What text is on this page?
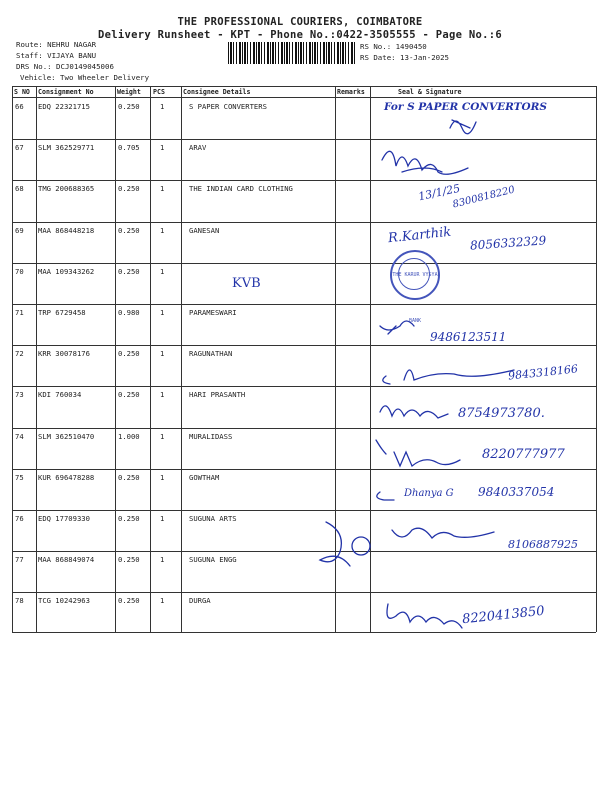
THE PROFESSIONAL COURIERS, COIMBATORE
Delivery Runsheet - KPT - Phone No.:0422-3505555 - Page No.:6
Route: NEHRU NAGAR
Staff: VIJAYA BANU
DRS No.: DCJ0149045006
Vehicle: Two Wheeler Delivery
RS No.: 1490450
RS Date: 13-Jan-2025
S NO Consignment No	Weight PCS	Consignee Details	Remarks	Seal & Signature
66 EDQ 22321715	0.250	1	S PAPER CONVERTERS
67 SLM 362529771	0.705	1	ARAV
68 TMG 200688365	0.250	1	THE INDIAN CARD CLOTHING
69 MAA 868448218	0.250	1	GANESAN
70 MAA 109343262	0.250	1
71 TRP 6729458	0.980	1	PARAMESWARI
72 KRR 30078176	0.250	1	RAGUNATHAN
73 KDI 760034	0.250	1	HARI PRASANTH
74 SLM 362510470	1.000	1	MURALIDASS
75 KUR 696478288	0.250	1	GOWTHAM
76 EDQ 17709330	0.250	1	SUGUNA ARTS
77 MAA 868849074	0.250	1	SUGUNA ENGG
78 TCG 10242963	0.250	1	DURGA
For S PAPER CONVERTORS
13/1/25
8300818220
R.Karthik 8056332329
KVB
9486123511
9843318166
8754973780.
8220777977
Dhanya G 9840337054
8106887925
8220413850
THE KARUR VYSYA BANK
